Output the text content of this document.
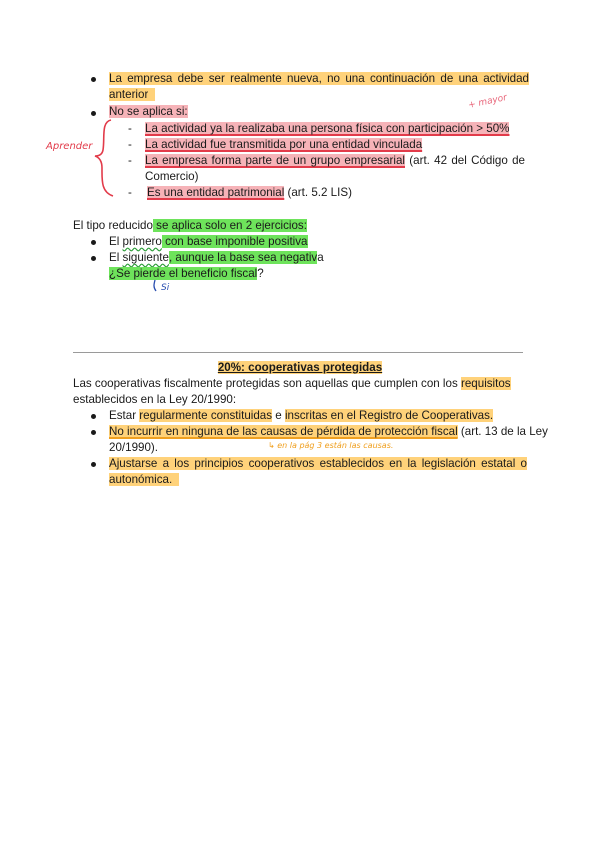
La empresa debe ser realmente nueva, no una continuación de una actividad
anterior
No se aplica si:
+ mayor
- La actividad ya la realizaba una persona física con participación > 50%
- La actividad fue transmitida por una entidad vinculada
- La empresa forma parte de un grupo empresarial (art. 42 del Código de
Comercio)
- Es una entidad patrimonial (art. 5.2 LIS)
Aprender
El tipo reducido se aplica solo en 2 ejercicios:
El primero con base imponible positiva
El siguiente, aunque la base sea negativa
¿Se pierde el beneficio fiscal?
Si
20%: cooperativas protegidas
Las cooperativas fiscalmente protegidas son aquellas que cumplen con los requisitos
establecidos en la Ley 20/1990:
Estar regularmente constituidas e inscritas en el Registro de Cooperativas.
No incurrir en ninguna de las causas de pérdida de protección fiscal (art. 13 de la Ley
20/1990).	↳ en la pág 3 están las causas.
Ajustarse a los principios cooperativos establecidos en la legislación estatal o
autonómica.
